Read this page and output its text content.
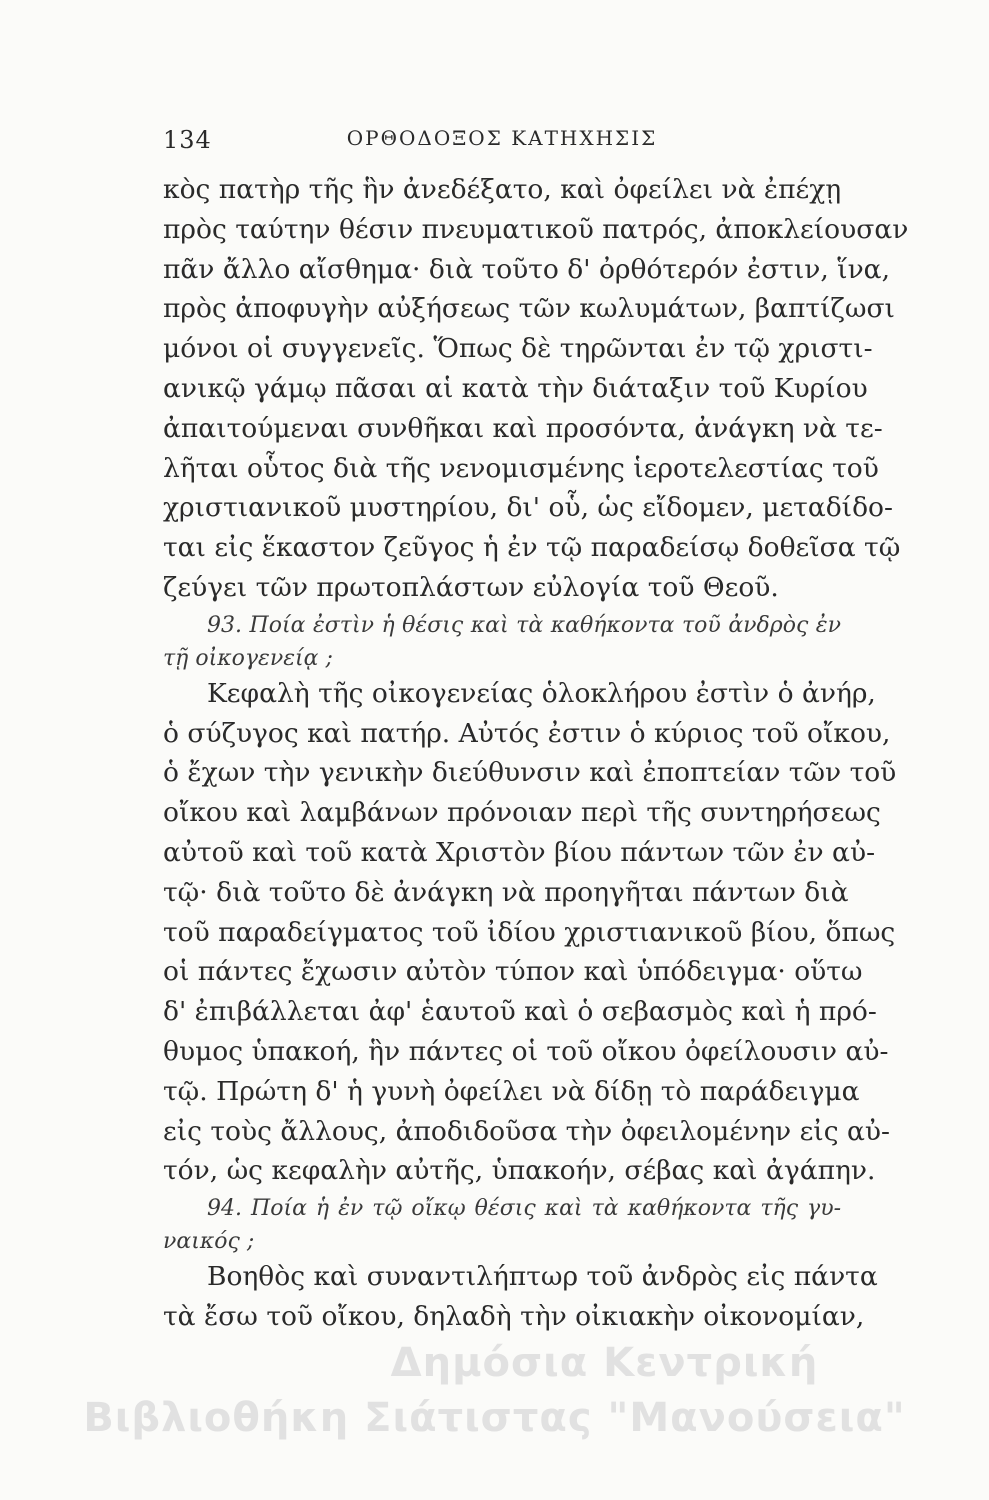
134	ΟΡΘΟΔΟΞΟΣ ΚΑΤΗΧΗΣΙΣ
κὸς πατὴρ τῆς ἣν ἀνεδέξατο, καὶ ὀφείλει νὰ ἐπέχῃ
πρὸς ταύτην θέσιν πνευματικοῦ πατρός, ἀποκλείουσαν
πᾶν ἄλλο αἴσθημα· διὰ τοῦτο δ' ὀρθότερόν ἐστιν, ἵνα,
πρὸς ἀποφυγὴν αὐξήσεως τῶν κωλυμάτων, βαπτίζωσι
μόνοι οἱ συγγενεῖς. Ὅπως δὲ τηρῶνται ἐν τῷ χριστι-
ανικῷ γάμῳ πᾶσαι αἱ κατὰ τὴν διάταξιν τοῦ Κυρίου
ἀπαιτούμεναι συνθῆκαι καὶ προσόντα, ἀνάγκη νὰ τε-
λῆται οὗτος διὰ τῆς νενομισμένης ἱεροτελεστίας τοῦ
χριστιανικοῦ μυστηρίου, δι' οὗ, ὡς εἴδομεν, μεταδίδο-
ται εἰς ἕκαστον ζεῦγος ἡ ἐν τῷ παραδείσῳ δοθεῖσα τῷ
ζεύγει τῶν πρωτοπλάστων εὐλογία τοῦ Θεοῦ.
93. Ποία ἐστὶν ἡ θέσις καὶ τὰ καθήκοντα τοῦ ἀνδρὸς ἐν
τῇ οἰκογενείᾳ ;
Κεφαλὴ τῆς οἰκογενείας ὁλοκλήρου ἐστὶν ὁ ἀνήρ,
ὁ σύζυγος καὶ πατήρ. Αὐτός ἐστιν ὁ κύριος τοῦ οἴκου,
ὁ ἔχων τὴν γενικὴν διεύθυνσιν καὶ ἐποπτείαν τῶν τοῦ
οἴκου καὶ λαμβάνων πρόνοιαν περὶ τῆς συντηρήσεως
αὐτοῦ καὶ τοῦ κατὰ Χριστὸν βίου πάντων τῶν ἐν αὐ-
τῷ· διὰ τοῦτο δὲ ἀνάγκη νὰ προηγῆται πάντων διὰ
τοῦ παραδείγματος τοῦ ἰδίου χριστιανικοῦ βίου, ὅπως
οἱ πάντες ἔχωσιν αὐτὸν τύπον καὶ ὑπόδειγμα· οὕτω
δ' ἐπιβάλλεται ἀφ' ἑαυτοῦ καὶ ὁ σεβασμὸς καὶ ἡ πρό-
θυμος ὑπακοή, ἣν πάντες οἱ τοῦ οἴκου ὀφείλουσιν αὐ-
τῷ. Πρώτη δ' ἡ γυνὴ ὀφείλει νὰ δίδῃ τὸ παράδειγμα
εἰς τοὺς ἄλλους, ἀποδιδοῦσα τὴν ὀφειλομένην εἰς αὐ-
τόν, ὡς κεφαλὴν αὐτῆς, ὑπακοήν, σέβας καὶ ἀγάπην.
94. Ποία ἡ ἐν τῷ οἴκῳ θέσις καὶ τὰ καθήκοντα τῆς γυ-
ναικός ;
Βοηθὸς καὶ συναντιλήπτωρ τοῦ ἀνδρὸς εἰς πάντα
τὰ ἔσω τοῦ οἴκου, δηλαδὴ τὴν οἰκιακὴν οἰκονομίαν,
Δημόσια Κεντρική
Βιβλιοθήκη Σιάτιστας "Μανούσεια"
